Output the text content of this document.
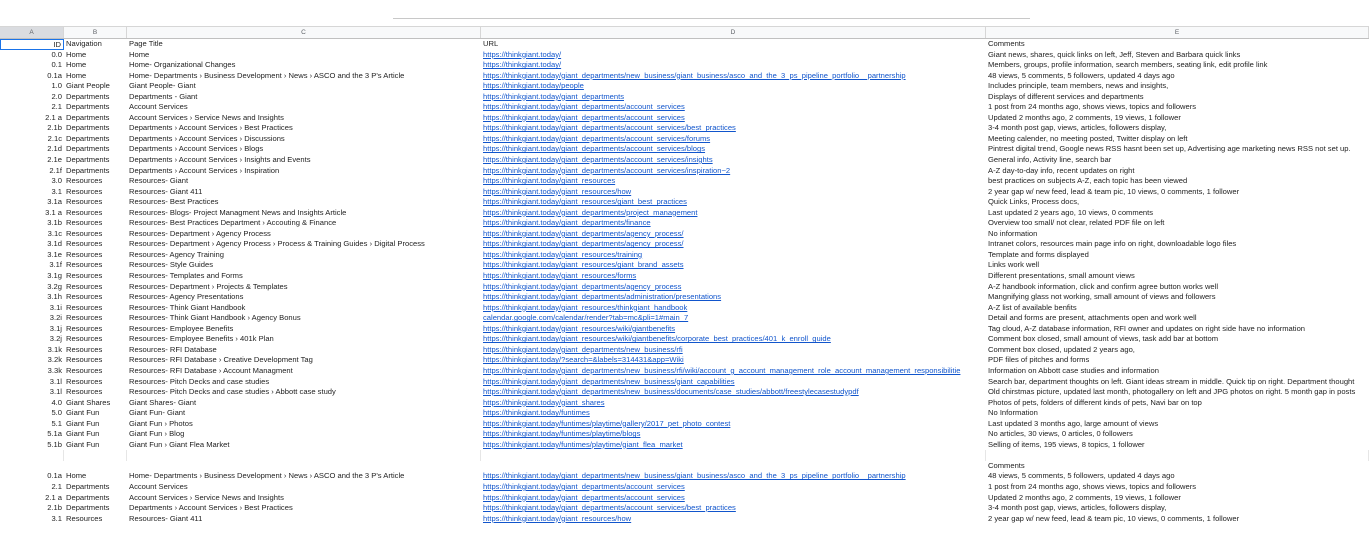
A	B	C	D	E
ID Navigation	Page Title	URL	Comments
0.0 Home	Home	https://thinkgiant.today/	Giant news, shares, quick links on left, Jeff, Steven and Barbara quick links
0.1 Home	Home- Organizational Changes	https://thinkgiant.today/	Members, groups, profile information, search members, seating link, edit profile link
0.1a Home	Home- Departments › Business Development › News › ASCO and the 3 P's Article	https://thinkgiant.today/giant_departments/new_business/giant_business/asco_and_the_3_ps_pipeline_portfolio__partnership	48 views, 5 comments, 5 followers, updated 4 days ago
1.0 Giant People	Giant People- Giant	https://thinkgiant.today/people	Includes principle, team members, news and insights,
2.0 Departments	Departments - Giant	https://thinkgiant.today/giant_departments	Displays of different services and departments
2.1 Departments	Account Services	https://thinkgiant.today/giant_departments/account_services	1 post from 24 months ago, shows views, topics and followers
2.1 a Departments	Account Services › Service News and Insights	https://thinkgiant.today/giant_departments/account_services	Updated 2 months ago, 2 comments, 19 views, 1 follower
2.1b Departments	Departments › Account Services › Best Practices	https://thinkgiant.today/giant_departments/account_services/best_practices	3-4 month post gap, views, articles, followers display,
2.1c Departments	Departments › Account Services › Discussions	https://thinkgiant.today/giant_departments/account_services/forums	Meeting calender, no meeting posted, Twitter display on left
2.1d Departments	Departments › Account Services › Blogs	https://thinkgiant.today/giant_departments/account_services/blogs	Pintrest digital trend, Google news RSS hasnt been set up, Advertising age marketing news RSS not set up.
2.1e Departments	Departments › Account Services › Insights and Events	https://thinkgiant.today/giant_departments/account_services/insights	General info, Activity line, search bar
2.1f Departments	Departments › Account Services › Inspiration	https://thinkgiant.today/giant_departments/account_services/inspiration~2	A-Z day-to-day info, recent updates on right
3.0 Resources	Resources- Giant	https://thinkgiant.today/giant_resources	best practices on subjects A-Z, each topic has been viewed
3.1 Resources	Resources- Giant 411	https://thinkgiant.today/giant_resources/how	2 year gap w/ new feed, lead & team pic, 10 views, 0 comments, 1 follower
3.1a Resources	Resources- Best Practices	https://thinkgiant.today/giant_resources/giant_best_practices	Quick Links, Process docs,
3.1 a Resources	Resources- Blogs- Project Managment News and Insights Article	https://thinkgiant.today/giant_departments/project_management	Last updated 2 years ago, 10 views, 0 comments
3.1b Resources	Resources- Best Practices Department › Accouting & Finance	https://thinkgiant.today/giant_departments/finance	Overview too small/ not clear, related PDF file on left
3.1c Resources	Resources- Department › Agency Process	https://thinkgiant.today/giant_departments/agency_process/	No information
3.1d Resources	Resources- Department › Agency Process › Process & Training Guides › Digital Process	https://thinkgiant.today/giant_departments/agency_process/	Intranet colors, resources main page info on right, downloadable logo files
3.1e Resources	Resources- Agency Training	https://thinkgiant.today/giant_resources/training	Template and forms displayed
3.1f Resources	Resources- Style Guides	https://thinkgiant.today/giant_resources/giant_brand_assets	Links work well
3.1g Resources	Resources- Templates and Forms	https://thinkgiant.today/giant_resources/forms	Different presentations, small amount views
3.2g Resources	Resources- Department › Projects & Templates	https://thinkgiant.today/giant_departments/agency_process	A-Z handbook information, click and confirm agree button works well
3.1h Resources	Resources- Agency Presentations	https://thinkgiant.today/giant_departments/administration/presentations	Mangnifying glass not working, small amount of views and followers
3.1i Resources	Resources- Think Giant Handbook	https://thinkgiant.today/giant_resources/thinkgiant_handbook	A-Z list of available benfits
3.2i Resources	Resources- Think Giant Handbook › Agency Bonus	calendar.google.com/calendar/render?tab=mc&pli=1#main_7	Detail and forms are present, attachments open and work well
3.1j Resources	Resources- Employee Benefits	https://thinkgiant.today/giant_resources/wiki/giantbenefits	Tag cloud, A-Z database information, RFI owner and updates on right side have no information
3.2j Resources	Resources- Employee Benefits › 401k Plan	https://thinkgiant.today/giant_resources/wiki/giantbenefits/corporate_best_practices/401_k_enroll_guide	Comment box closed, small amount of views, task add bar at bottom
3.1k Resources	Resources- RFI Database	https://thinkgiant.today/giant_departments/new_business/rfi	Comment box closed, updated 2 years ago,
3.2k Resources	Resources- RFI Database › Creative Development Tag	https://thinkgiant.today/?search=&labels=314431&app=Wiki	PDF files of pitches and forms
3.3k Resources	Resources- RFI Database › Account Managment	https://thinkgiant.today/giant_departments/new_business/rfi/wiki/account_g_account_management_role_account_management_responsibilitie	Information on Abbott case studies and information
3.1l Resources	Resources- Pitch Decks and case studies	https://thinkgiant.today/giant_departments/new_business/giant_capabilities	Search bar, department thoughts on left. Giant ideas stream in middle. Quick tip on right. Department thought
3.1l Resources	Resources- Pitch Decks and case studies › Abbott case study	https://thinkgiant.today/giant_departments/new_business/documents/case_studies/abbott/freestylecasestudypdf	Old chirstmas picture, updated last month, photogallery on left and JPG photos on right. 5 month gap in posts
4.0 Giant Shares	Giant Shares- Giant	https://thinkgiant.today/giant_shares	Photos of pets, folders of different kinds of pets, Navi bar on top
5.0 Giant Fun	Giant Fun- Giant	https://thinkgiant.today/funtimes	No Information
5.1 Giant Fun	Giant Fun › Photos	https://thinkgiant.today/funtimes/playtime/gallery/2017_pet_photo_contest	Last updated 3 months ago, large amount of views
5.1a Giant Fun	Giant Fun › Blog	https://thinkgiant.today/funtimes/playtime/blogs	No articles, 30 views, 0 articles, 0 followers
5.1b Giant Fun	Giant Fun › Giant Flea Market	https://thinkgiant.today/funtimes/playtime/giant_flea_market	Selling of items, 195 views, 8 topics, 1 follower
Comments
0.1a Home	Home- Departments › Business Development › News › ASCO and the 3 P's Article	https://thinkgiant.today/giant_departments/new_business/giant_business/asco_and_the_3_ps_pipeline_portfolio__partnership	48 views, 5 comments, 5 followers, updated 4 days ago
2.1 Departments	Account Services	https://thinkgiant.today/giant_departments/account_services	1 post from 24 months ago, shows views, topics and followers
2.1 a Departments	Account Services › Service News and Insights	https://thinkgiant.today/giant_departments/account_services	Updated 2 months ago, 2 comments, 19 views, 1 follower
2.1b Departments	Departments › Account Services › Best Practices	https://thinkgiant.today/giant_departments/account_services/best_practices	3-4 month post gap, views, articles, followers display,
3.1 Resources	Resources- Giant 411	https://thinkgiant.today/giant_resources/how	2 year gap w/ new feed, lead & team pic, 10 views, 0 comments, 1 follower
